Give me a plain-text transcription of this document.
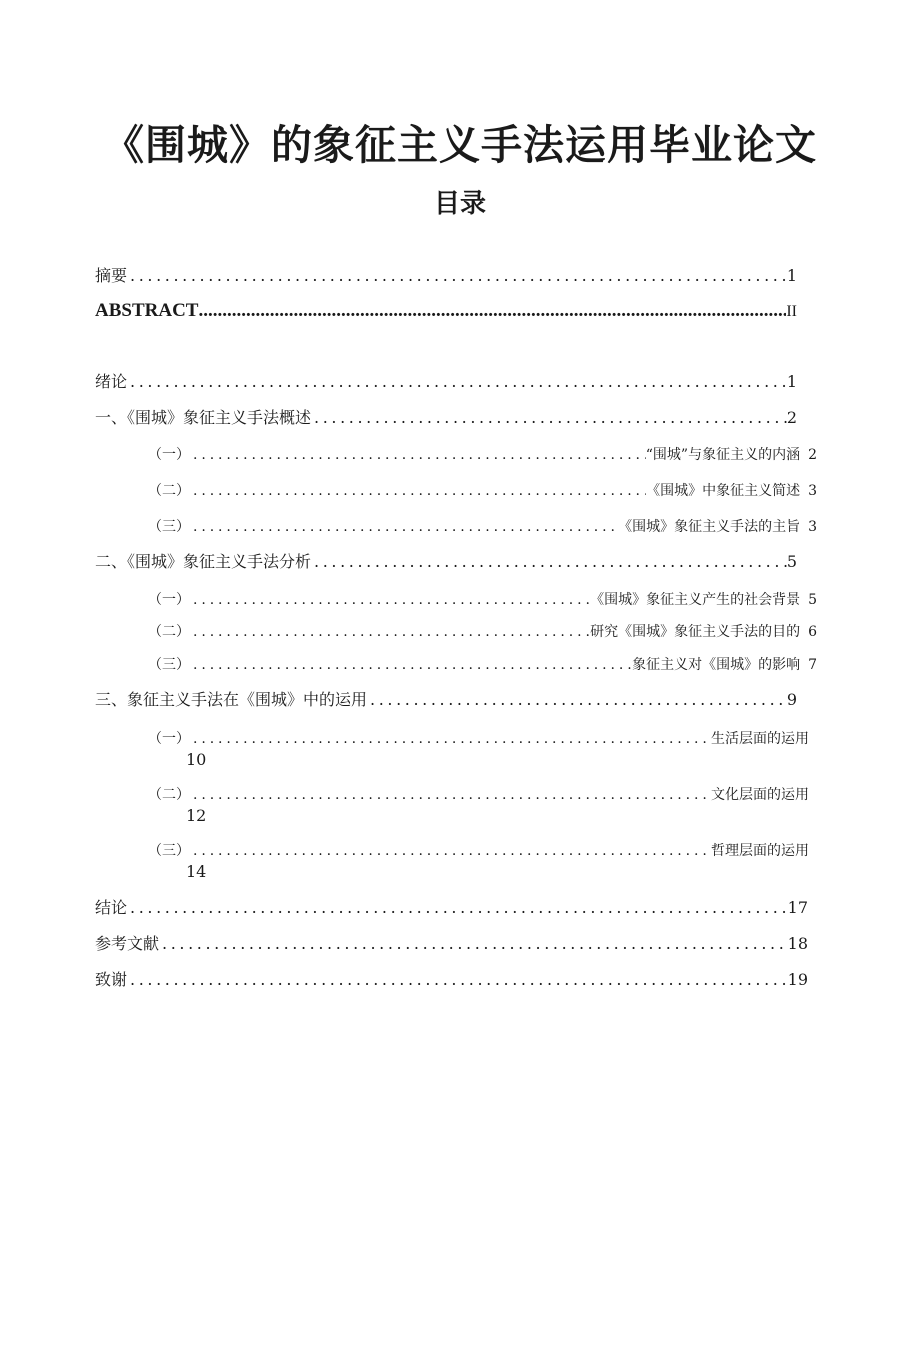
《围城》的象征主义手法运用毕业论文
目录
摘要 .....	1
ABSTRACT .....	II
绪论 .....	1
一、《围城》象征主义手法概述 .....	2
（一） .....	“围城”与象征主义的内涵 2
（二） .....	《围城》中象征主义简述 3
（三） .....	《围城》象征主义手法的主旨 3
二、《围城》象征主义手法分析 .....	5
（一） .....	《围城》象征主义产生的社会背景 5
（二） .....	研究《围城》象征主义手法的目的 6
（三） .....	象征主义对《围城》的影响 7
三、象征主义手法在《围城》中的运用 .....	9
（一） .....	生活层面的运用
10
（二） .....	文化层面的运用
12
（三） .....	哲理层面的运用
14
结论 .....	17
参考文献 .....	18
致谢 .....	19
